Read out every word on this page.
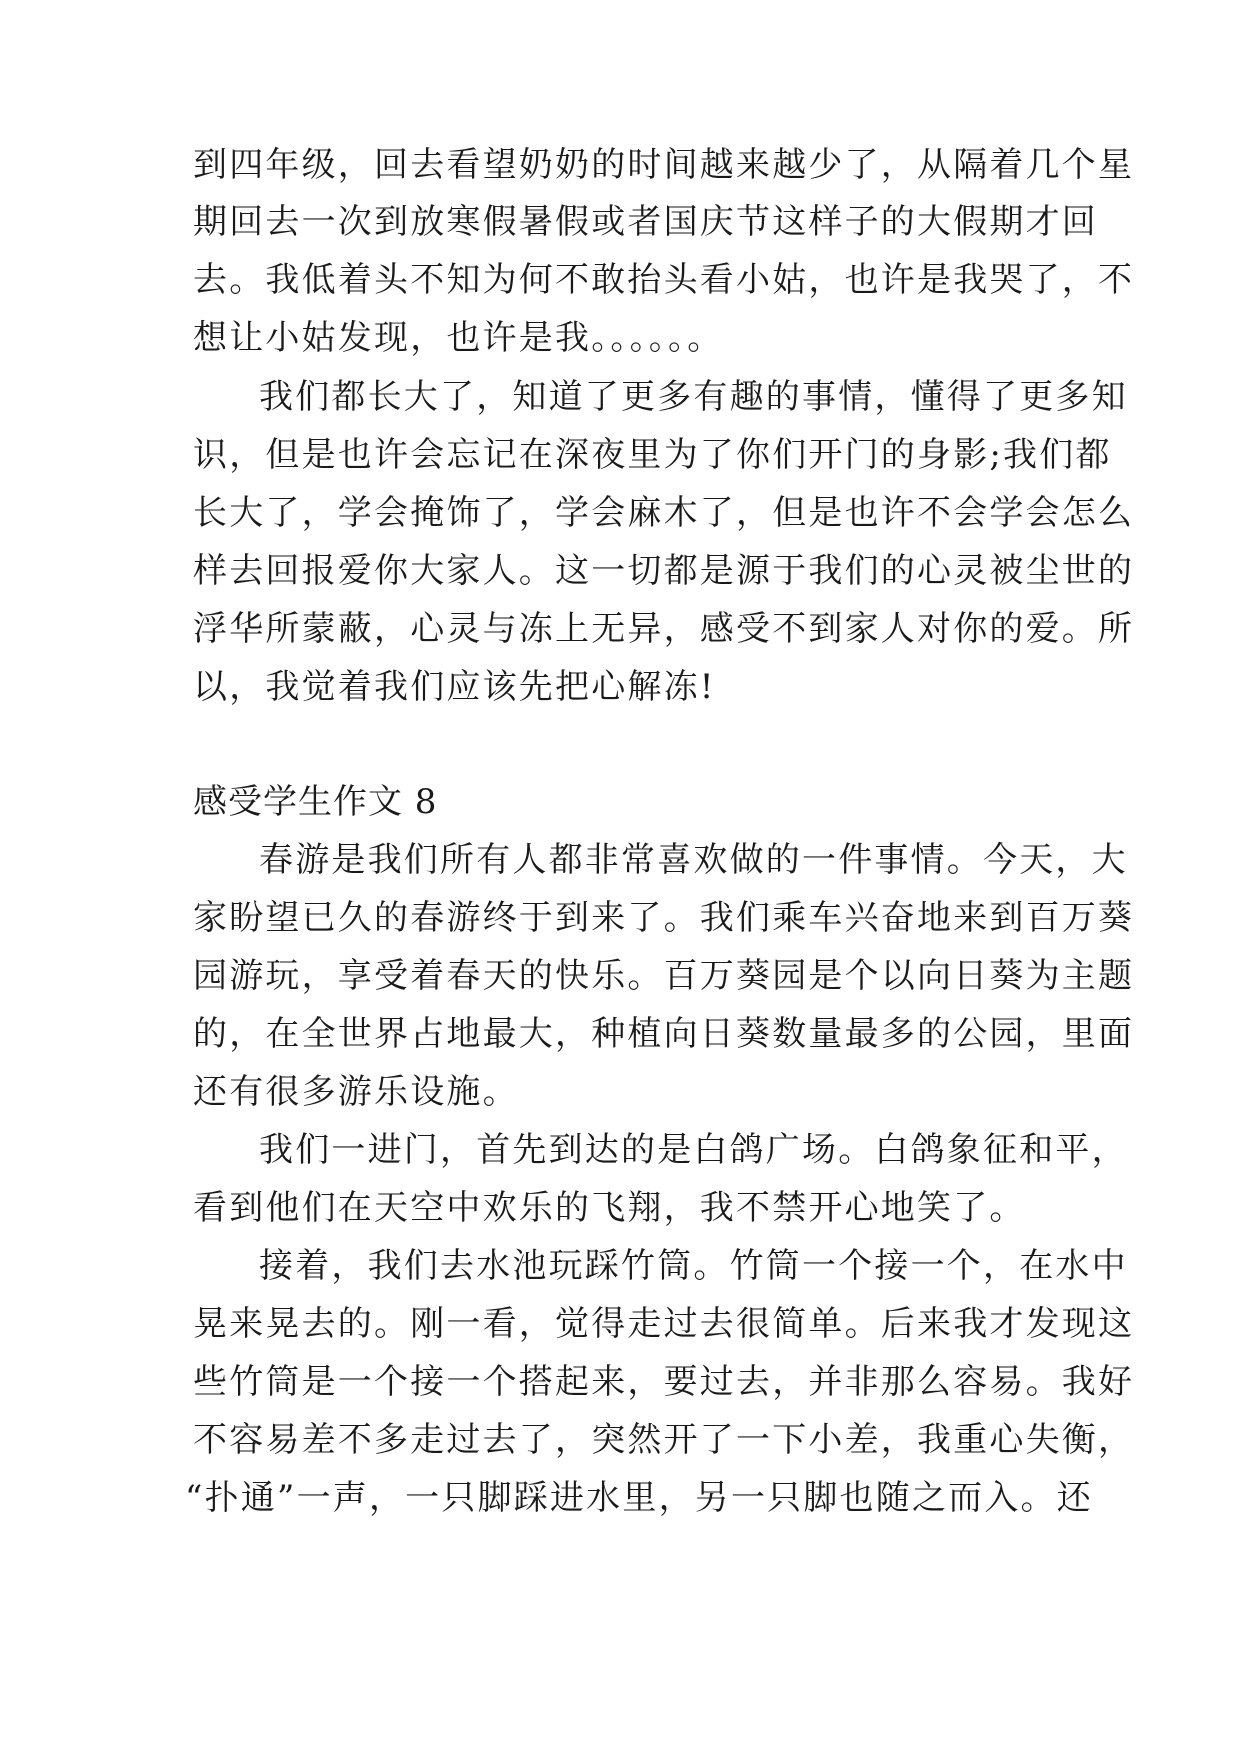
到四年级，回去看望奶奶的时间越来越少了，从隔着几个星
期回去一次到放寒假暑假或者国庆节这样子的大假期才回
去。我低着头不知为何不敢抬头看小姑，也许是我哭了，不
想让小姑发现，也许是我。。。。。。
我们都长大了，知道了更多有趣的事情，懂得了更多知
识，但是也许会忘记在深夜里为了你们开门的身影;我们都
长大了，学会掩饰了，学会麻木了，但是也许不会学会怎么
样去回报爱你大家人。这一切都是源于我们的心灵被尘世的
浮华所蒙蔽，心灵与冻上无异，感受不到家人对你的爱。所
以，我觉着我们应该先把心解冻!
感受学生作文 8
春游是我们所有人都非常喜欢做的一件事情。今天，大
家盼望已久的春游终于到来了。我们乘车兴奋地来到百万葵
园游玩，享受着春天的快乐。百万葵园是个以向日葵为主题
的，在全世界占地最大，种植向日葵数量最多的公园，里面
还有很多游乐设施。
我们一进门，首先到达的是白鸽广场。白鸽象征和平，
看到他们在天空中欢乐的飞翔，我不禁开心地笑了。
接着，我们去水池玩踩竹筒。竹筒一个接一个，在水中
晃来晃去的。刚一看，觉得走过去很简单。后来我才发现这
些竹筒是一个接一个搭起来，要过去，并非那么容易。我好
不容易差不多走过去了，突然开了一下小差，我重心失衡，
“扑通”一声，一只脚踩进水里，另一只脚也随之而入。还
